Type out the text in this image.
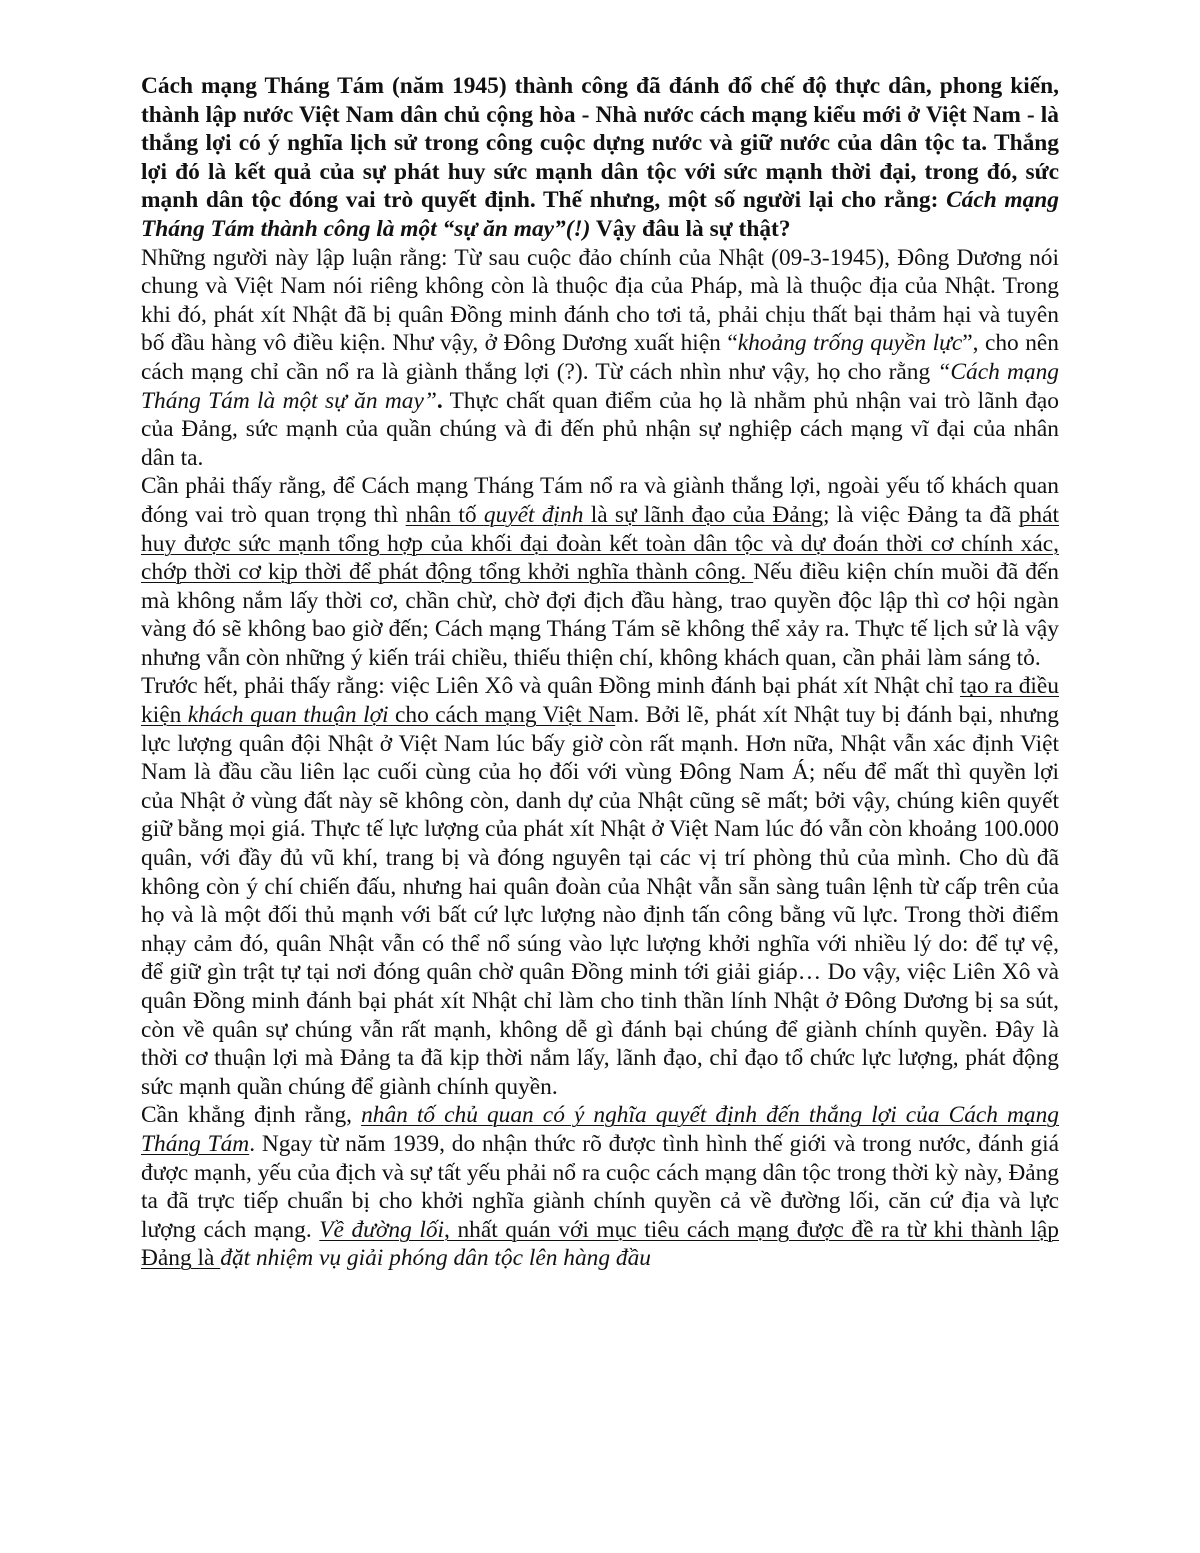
Cách mạng Tháng Tám (năm 1945) thành công đã đánh đổ chế độ thực dân, phong kiến, thành lập nước Việt Nam dân chủ cộng hòa - Nhà nước cách mạng kiểu mới ở Việt Nam - là thắng lợi có ý nghĩa lịch sử trong công cuộc dựng nước và giữ nước của dân tộc ta. Thắng lợi đó là kết quả của sự phát huy sức mạnh dân tộc với sức mạnh thời đại, trong đó, sức mạnh dân tộc đóng vai trò quyết định. Thế nhưng, một số người lại cho rằng: Cách mạng Tháng Tám thành công là một “sự ăn may”(!) Vậy đâu là sự thật?

Những người này lập luận rằng: Từ sau cuộc đảo chính của Nhật (09-3-1945), Đông Dương nói chung và Việt Nam nói riêng không còn là thuộc địa của Pháp, mà là thuộc địa của Nhật. Trong khi đó, phát xít Nhật đã bị quân Đồng minh đánh cho tơi tả, phải chịu thất bại thảm hại và tuyên bố đầu hàng vô điều kiện. Như vậy, ở Đông Dương xuất hiện “khoảng trống quyền lực”, cho nên cách mạng chỉ cần nổ ra là giành thắng lợi (?). Từ cách nhìn như vậy, họ cho rằng “Cách mạng Tháng Tám là một sự ăn may”. Thực chất quan điểm của họ là nhằm phủ nhận vai trò lãnh đạo của Đảng, sức mạnh của quần chúng và đi đến phủ nhận sự nghiệp cách mạng vĩ đại của nhân dân ta.

Cần phải thấy rằng, để Cách mạng Tháng Tám nổ ra và giành thắng lợi, ngoài yếu tố khách quan đóng vai trò quan trọng thì nhân tố quyết định là sự lãnh đạo của Đảng; là việc Đảng ta đã phát huy được sức mạnh tổng hợp của khối đại đoàn kết toàn dân tộc và dự đoán thời cơ chính xác, chớp thời cơ kịp thời để phát động tổng khởi nghĩa thành công. Nếu điều kiện chín muồi đã đến mà không nắm lấy thời cơ, chần chừ, chờ đợi địch đầu hàng, trao quyền độc lập thì cơ hội ngàn vàng đó sẽ không bao giờ đến; Cách mạng Tháng Tám sẽ không thể xảy ra. Thực tế lịch sử là vậy nhưng vẫn còn những ý kiến trái chiều, thiếu thiện chí, không khách quan, cần phải làm sáng tỏ.

Trước hết, phải thấy rằng: việc Liên Xô và quân Đồng minh đánh bại phát xít Nhật chỉ tạo ra điều kiện khách quan thuận lợi cho cách mạng Việt Nam. Bởi lẽ, phát xít Nhật tuy bị đánh bại, nhưng lực lượng quân đội Nhật ở Việt Nam lúc bấy giờ còn rất mạnh. Hơn nữa, Nhật vẫn xác định Việt Nam là đầu cầu liên lạc cuối cùng của họ đối với vùng Đông Nam Á; nếu để mất thì quyền lợi của Nhật ở vùng đất này sẽ không còn, danh dự của Nhật cũng sẽ mất; bởi vậy, chúng kiên quyết giữ bằng mọi giá. Thực tế lực lượng của phát xít Nhật ở Việt Nam lúc đó vẫn còn khoảng 100.000 quân, với đầy đủ vũ khí, trang bị và đóng nguyên tại các vị trí phòng thủ của mình. Cho dù đã không còn ý chí chiến đấu, nhưng hai quân đoàn của Nhật vẫn sẵn sàng tuân lệnh từ cấp trên của họ và là một đối thủ mạnh với bất cứ lực lượng nào định tấn công bằng vũ lực. Trong thời điểm nhạy cảm đó, quân Nhật vẫn có thể nổ súng vào lực lượng khởi nghĩa với nhiều lý do: để tự vệ, để giữ gìn trật tự tại nơi đóng quân chờ quân Đồng minh tới giải giáp… Do vậy, việc Liên Xô và quân Đồng minh đánh bại phát xít Nhật chỉ làm cho tinh thần lính Nhật ở Đông Dương bị sa sút, còn về quân sự chúng vẫn rất mạnh, không dễ gì đánh bại chúng để giành chính quyền. Đây là thời cơ thuận lợi mà Đảng ta đã kịp thời nắm lấy, lãnh đạo, chỉ đạo tổ chức lực lượng, phát động sức mạnh quần chúng để giành chính quyền.

Cần khẳng định rằng, nhân tố chủ quan có ý nghĩa quyết định đến thắng lợi của Cách mạng Tháng Tám. Ngay từ năm 1939, do nhận thức rõ được tình hình thế giới và trong nước, đánh giá được mạnh, yếu của địch và sự tất yếu phải nổ ra cuộc cách mạng dân tộc trong thời kỳ này, Đảng ta đã trực tiếp chuẩn bị cho khởi nghĩa giành chính quyền cả về đường lối, căn cứ địa và lực lượng cách mạng. Về đường lối, nhất quán với mục tiêu cách mạng được đề ra từ khi thành lập Đảng là đặt nhiệm vụ giải phóng dân tộc lên hàng đầu
